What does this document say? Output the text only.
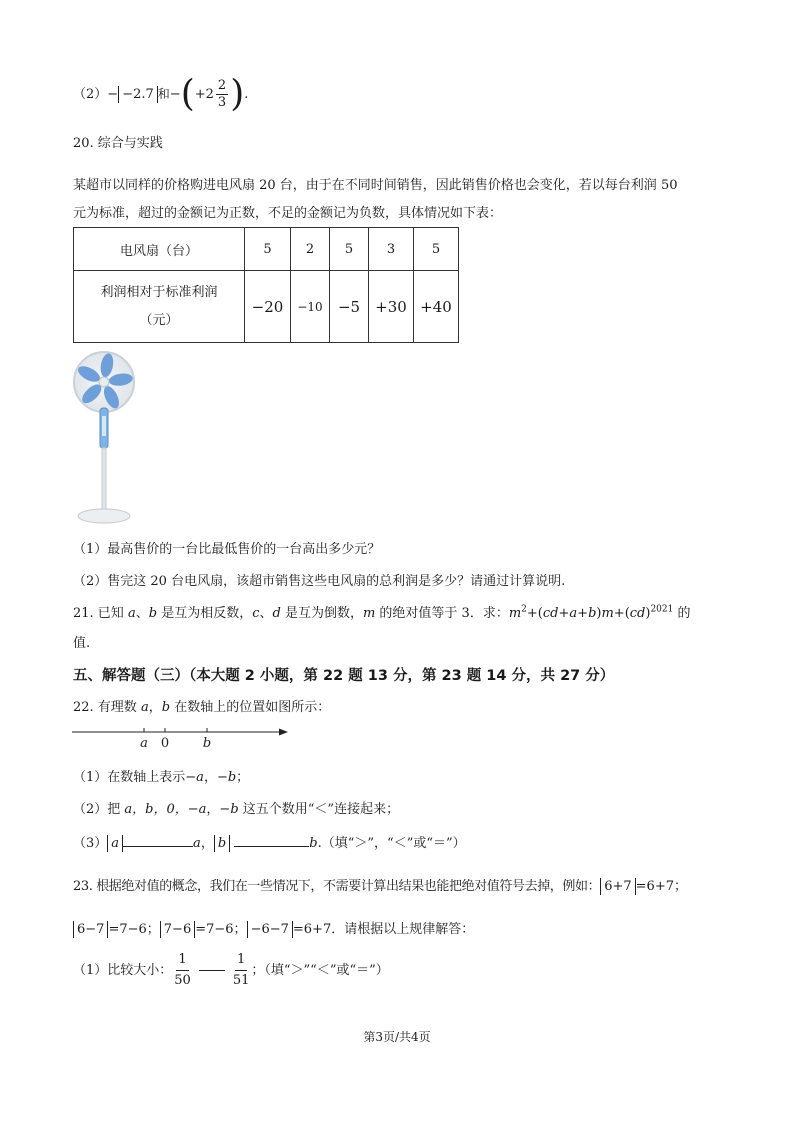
（2）− −2.7 和$-(+2 \frac{2}{3}$ ).
20. 综合与实践
某超市以同样的价格购进电风扇 20 台，由于在不同时间销售，因此销售价格也会变化，若以每台利润 50
元为标准，超过的金额记为正数，不足的金额记为负数，具体情况如下表：
电风扇（台）	5	2	5	3	5

利润相对于标准利润
（元）	−20	−10	−5	+30	+40
（1）最高售价的一台比最低售价的一台高出多少元？
（2）售完这 20 台电风扇，该超市销售这些电风扇的总利润是多少？请通过计算说明.
21. 已知 a、b 是互为相反数，c、d 是互为倒数，m 的绝对值等于 3．求：$m^2+(cd+a+b)m+(cd)^{2021}$ 的
值.
五、解答题（三）（本大题 2 小题，第 22 题 13 分，第 23 题 14 分，共 27 分）
22. 有理数 a，b 在数轴上的位置如图所示：
a 0	b
（1）在数轴上表示−a，−b；
（2）把 a，b，0，−a，−b 这五个数用“＜”连接起来；
（3） a	a， b	b.（填“＞”，“＜”或“＝”）
23. 根据绝对值的概念，我们在一些情况下，不需要计算出结果也能把绝对值符号去掉，例如： 6+7 =6+7；
6−7 =7−6； 7−6 =7−6； −6−7 =6+7．请根据以上规律解答：
（1）比较大小： $\frac{1}{50}$	$\frac{1}{51}$ ；（填“＞”“＜”或“＝”）
第3页/共4页
